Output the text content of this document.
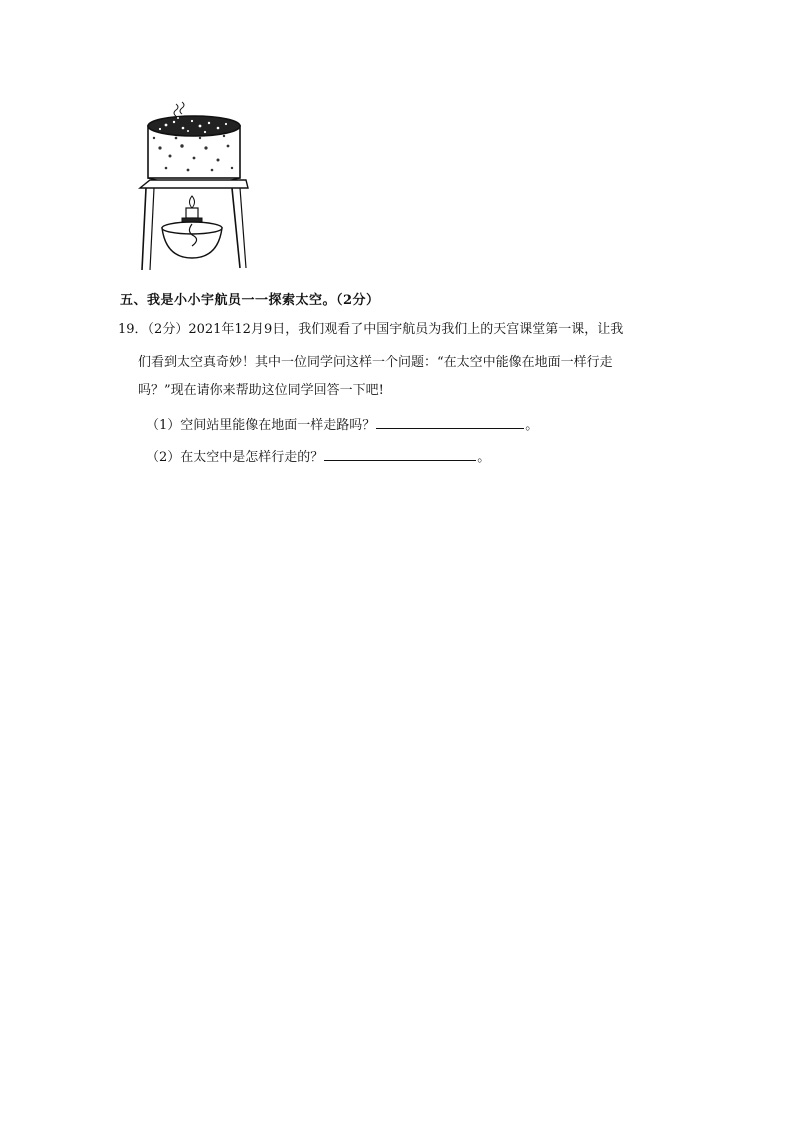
五、我是小小宇航员一一探索太空。（2分）
19．（2分）2021年12月9日，我们观看了中国宇航员为我们上的天宫课堂第一课，让我
们看到太空真奇妙！其中一位同学问这样一个问题：“在太空中能像在地面一样行走
吗？”现在请你来帮助这位同学回答一下吧!
（1）空间站里能像在地面一样走路吗？	。
（2）在太空中是怎样行走的？	。
